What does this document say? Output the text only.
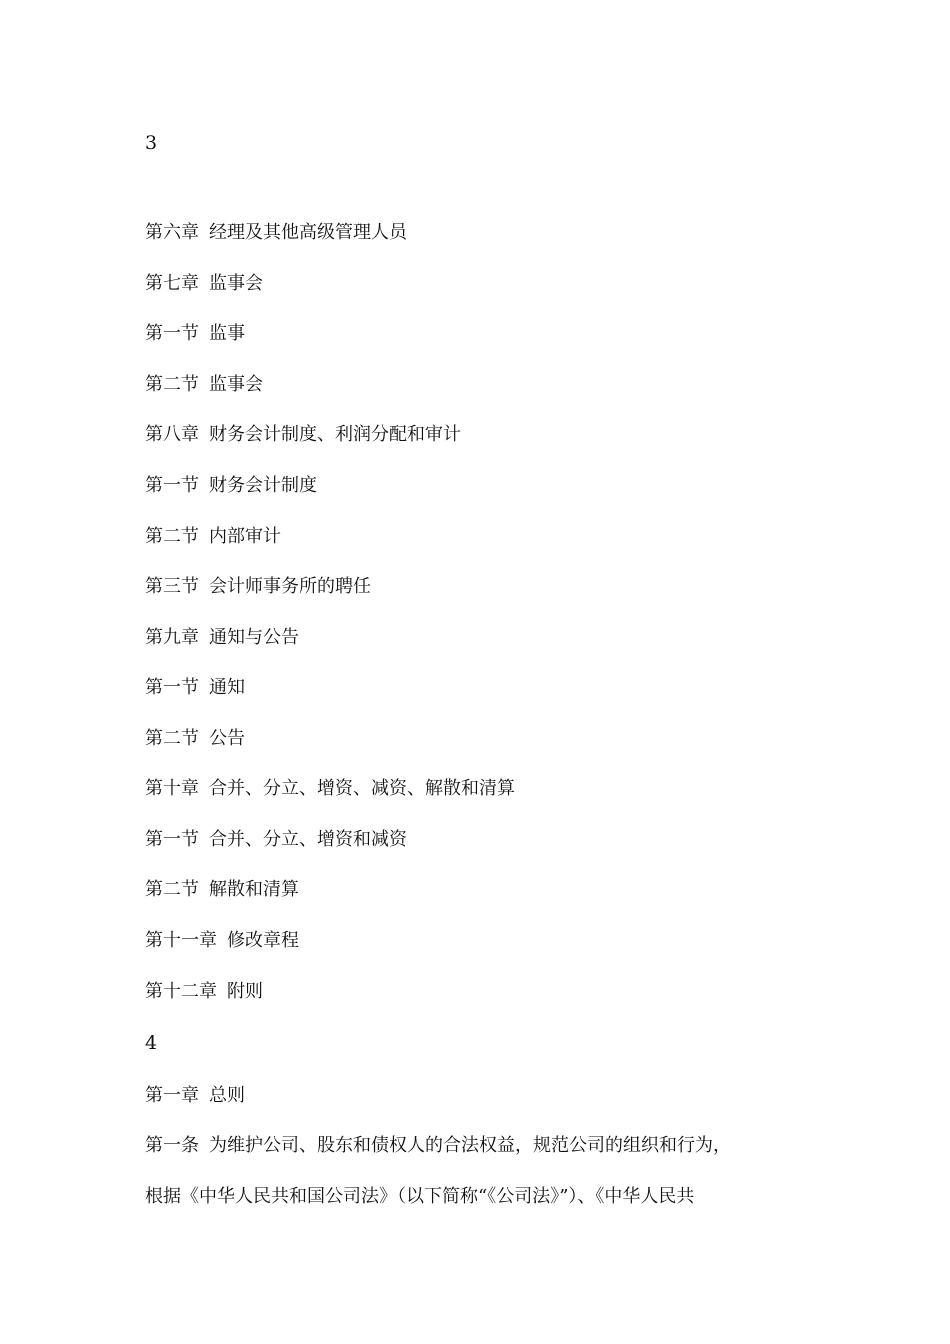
3
第六章 经理及其他高级管理人员
第七章 监事会
第一节 监事
第二节 监事会
第八章 财务会计制度、利润分配和审计
第一节 财务会计制度
第二节 内部审计
第三节 会计师事务所的聘任
第九章 通知与公告
第一节 通知
第二节 公告
第十章 合并、分立、增资、减资、解散和清算
第一节 合并、分立、增资和减资
第二节 解散和清算
第十一章 修改章程
第十二章 附则
4
第一章 总则
第一条 为维护公司、股东和债权人的合法权益，规范公司的组织和行为，
根据《中华人民共和国公司法》（以下简称“《公司法》”）、《中华人民共
